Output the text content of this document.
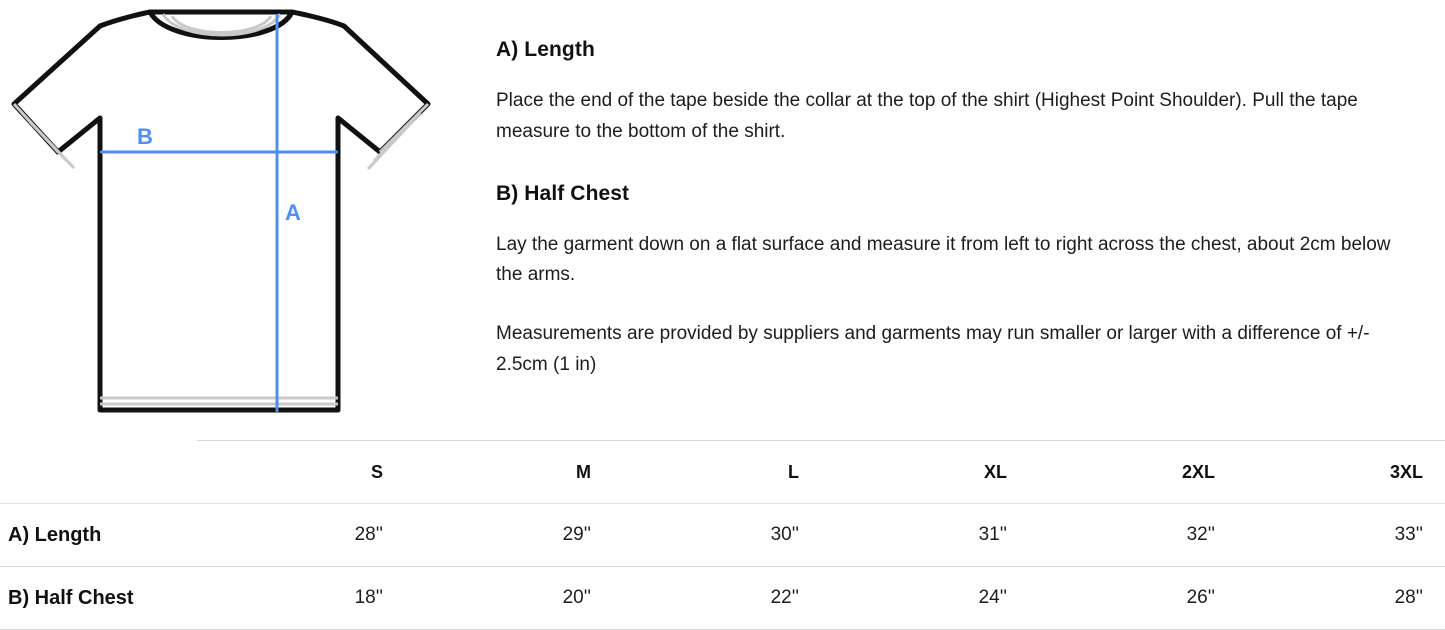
A
B
A) Length

Place the end of the tape beside the collar at the top of the shirt (Highest Point Shoulder). Pull the tape measure to the bottom of the shirt.

B) Half Chest

Lay the garment down on a flat surface and measure it from left to right across the chest, about 2cm below the arms.

Measurements are provided by suppliers and garments may run smaller or larger with a difference of +/- 2.5cm (1 in)

	S	M	L	XL	2XL	3XL
A) Length	28''	29''	30''	31''	32''	33''
B) Half Chest	18''	20''	22''	24''	26''	28''
